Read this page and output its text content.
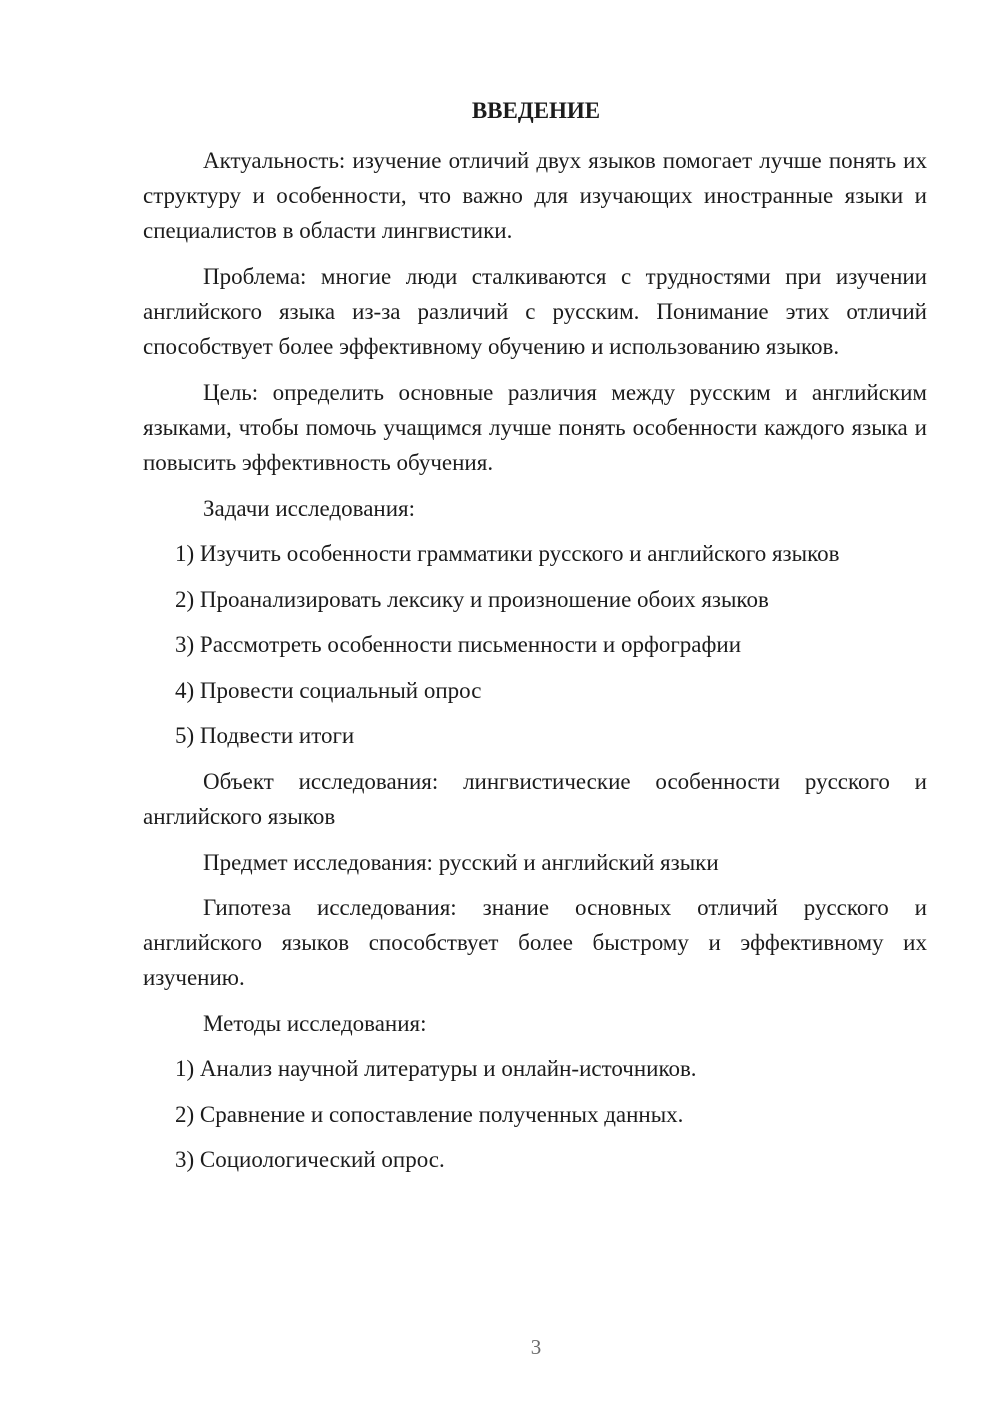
ВВЕДЕНИЕ

Актуальность: изучение отличий двух языков помогает лучше понять их структуру и особенности, что важно для изучающих иностранные языки и специалистов в области лингвистики.

Проблема: многие люди сталкиваются с трудностями при изучении английского языка из-за различий с русским. Понимание этих отличий способствует более эффективному обучению и использованию языков.

Цель: определить основные различия между русским и английским языками, чтобы помочь учащимся лучше понять особенности каждого языка и повысить эффективность обучения.

Задачи исследования:

1) Изучить особенности грамматики русского и английского языков

2) Проанализировать лексику и произношение обоих языков

3) Рассмотреть особенности письменности и орфографии

4) Провести социальный опрос

5) Подвести итоги

Объект исследования: лингвистические особенности русского и английского языков

Предмет исследования: русский и английский языки

Гипотеза исследования: знание основных отличий русского и английского языков способствует более быстрому и эффективному их изучению.

Методы исследования:

1) Анализ научной литературы и онлайн-источников.

2) Сравнение и сопоставление полученных данных.

3) Социологический опрос.

3
